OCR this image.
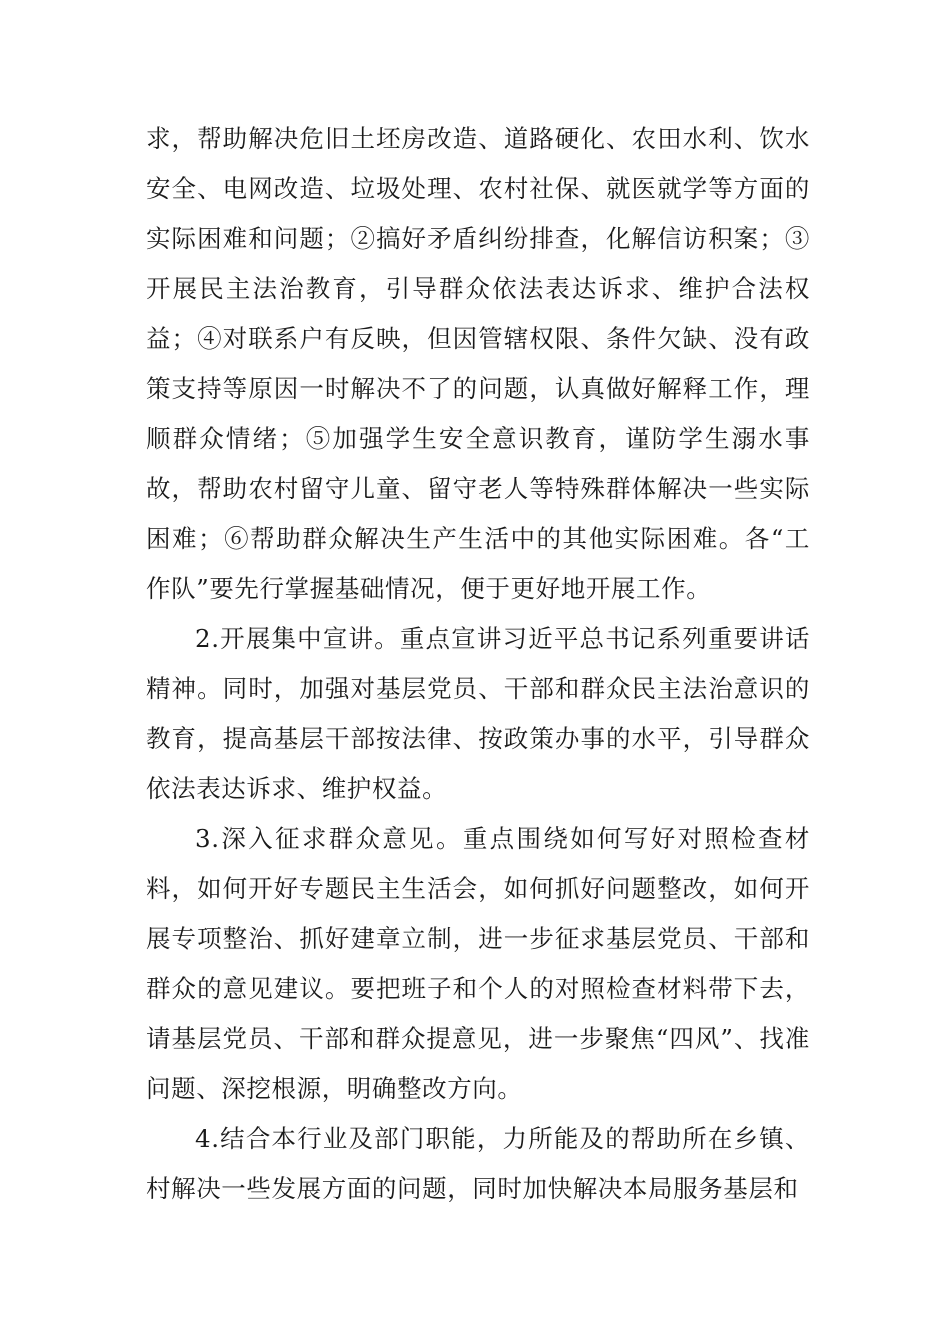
求，帮助解决危旧土坯房改造、道路硬化、农田水利、饮水安全、电网改造、垃圾处理、农村社保、就医就学等方面的实际困难和问题；②搞好矛盾纠纷排查，化解信访积案；③开展民主法治教育，引导群众依法表达诉求、维护合法权益；④对联系户有反映，但因管辖权限、条件欠缺、没有政策支持等原因一时解决不了的问题，认真做好解释工作，理顺群众情绪；⑤加强学生安全意识教育，谨防学生溺水事故，帮助农村留守儿童、留守老人等特殊群体解决一些实际困难；⑥帮助群众解决生产生活中的其他实际困难。各“工作队”要先行掌握基础情况，便于更好地开展工作。

2.开展集中宣讲。重点宣讲习近平总书记系列重要讲话精神。同时，加强对基层党员、干部和群众民主法治意识的教育，提高基层干部按法律、按政策办事的水平，引导群众依法表达诉求、维护权益。

3.深入征求群众意见。重点围绕如何写好对照检查材料，如何开好专题民主生活会，如何抓好问题整改，如何开展专项整治、抓好建章立制，进一步征求基层党员、干部和群众的意见建议。要把班子和个人的对照检查材料带下去，请基层党员、干部和群众提意见，进一步聚焦“四风”、找准问题、深挖根源，明确整改方向。

4.结合本行业及部门职能，力所能及的帮助所在乡镇、村解决一些发展方面的问题，同时加快解决本局服务基层和
